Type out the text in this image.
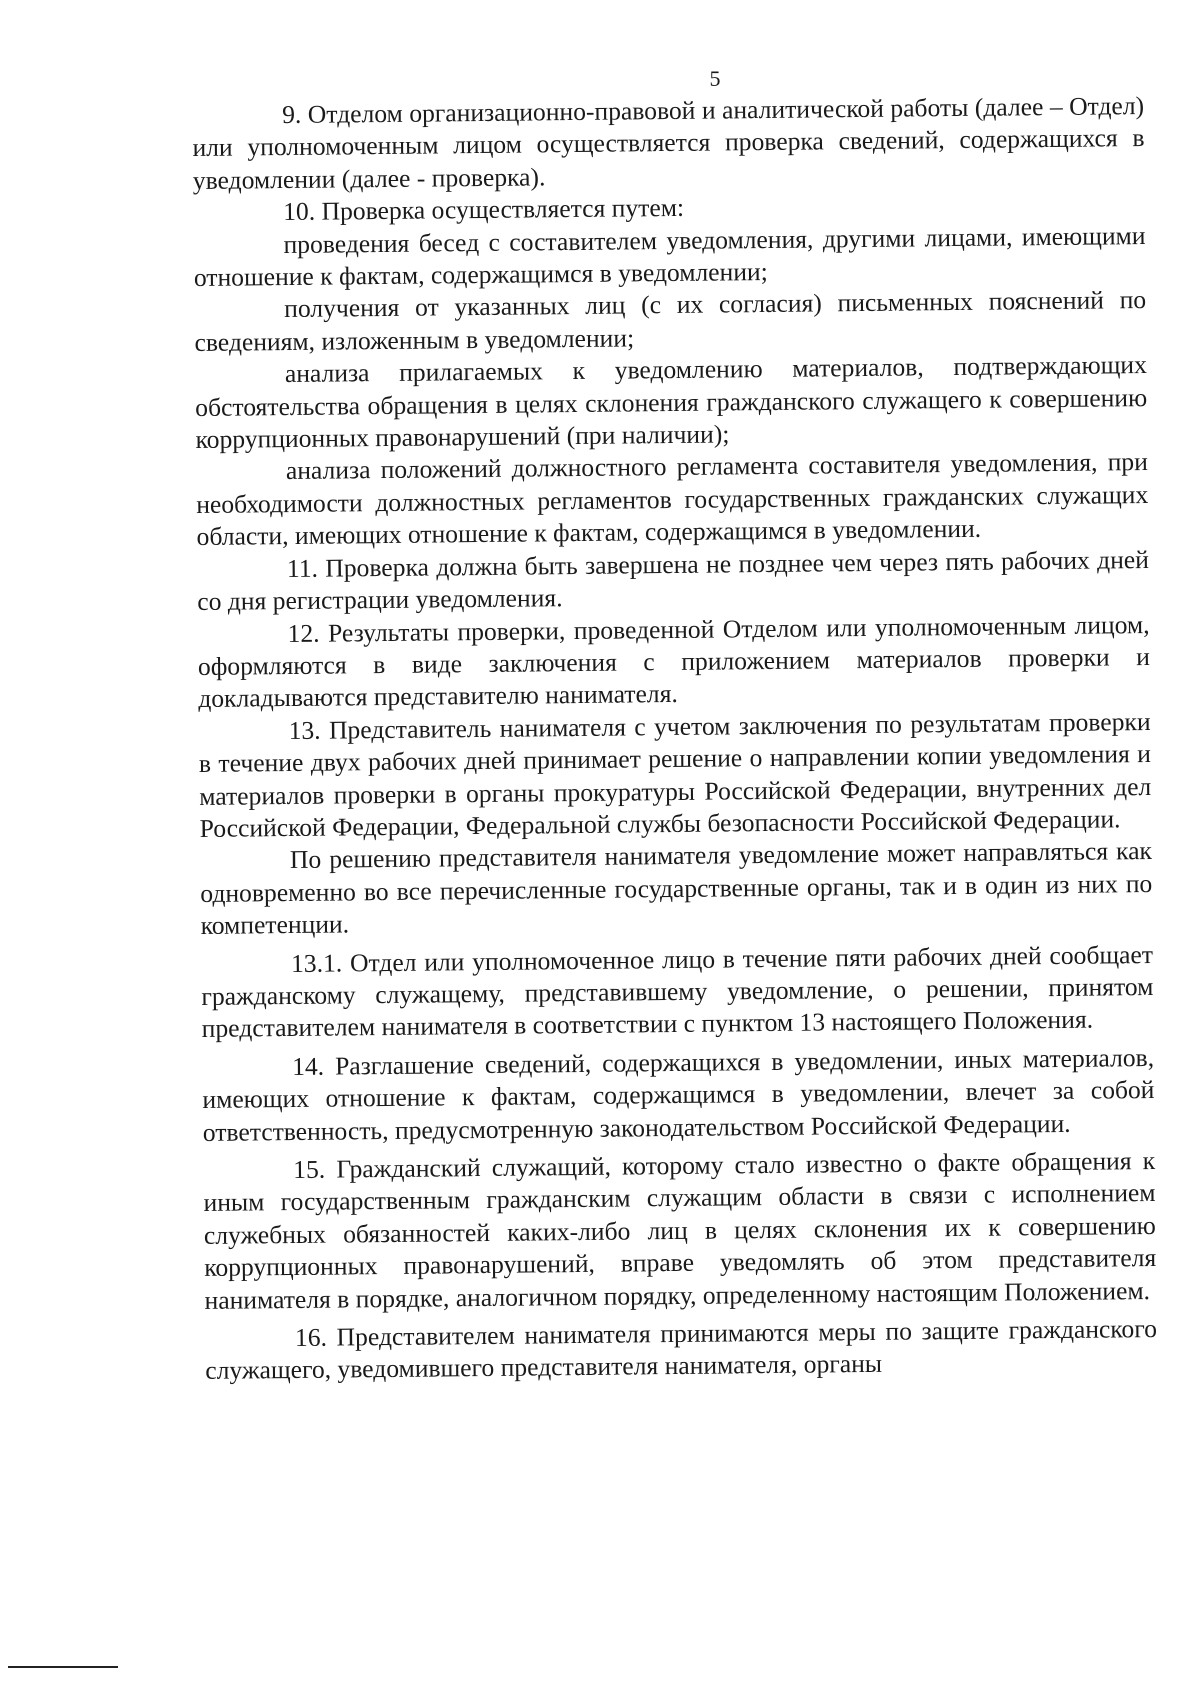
5

9. Отделом организационно-правовой и аналитической работы (далее – Отдел) или уполномоченным лицом осуществляется проверка сведений, содержащихся в уведомлении (далее - проверка).

10. Проверка осуществляется путем:

проведения бесед с составителем уведомления, другими лицами, имеющими отношение к фактам, содержащимся в уведомлении;

получения от указанных лиц (с их согласия) письменных пояснений по сведениям, изложенным в уведомлении;

анализа прилагаемых к уведомлению материалов, подтверждающих обстоятельства обращения в целях склонения гражданского служащего к совершению коррупционных правонарушений (при наличии);

анализа положений должностного регламента составителя уведомления, при необходимости должностных регламентов государственных гражданских служащих области, имеющих отношение к фактам, содержащимся в уведомлении.

11. Проверка должна быть завершена не позднее чем через пять рабочих дней со дня регистрации уведомления.

12. Результаты проверки, проведенной Отделом или уполномоченным лицом, оформляются в виде заключения с приложением материалов проверки и докладываются представителю нанимателя.

13. Представитель нанимателя с учетом заключения по результатам проверки в течение двух рабочих дней принимает решение о направлении копии уведомления и материалов проверки в органы прокуратуры Российской Федерации, внутренних дел Российской Федерации, Федеральной службы безопасности Российской Федерации.

По решению представителя нанимателя уведомление может направляться как одновременно во все перечисленные государственные органы, так и в один из них по компетенции.

13.1. Отдел или уполномоченное лицо в течение пяти рабочих дней сообщает гражданскому служащему, представившему уведомление, о решении, принятом представителем нанимателя в соответствии с пунктом 13 настоящего Положения.

14. Разглашение сведений, содержащихся в уведомлении, иных материалов, имеющих отношение к фактам, содержащимся в уведомлении, влечет за собой ответственность, предусмотренную законодательством Российской Федерации.

15. Гражданский служащий, которому стало известно о факте обращения к иным государственным гражданским служащим области в связи с исполнением служебных обязанностей каких-либо лиц в целях склонения их к совершению коррупционных правонарушений, вправе уведомлять об этом представителя нанимателя в порядке, аналогичном порядку, определенному настоящим Положением.

16. Представителем нанимателя принимаются меры по защите гражданского служащего, уведомившего представителя нанимателя, органы
